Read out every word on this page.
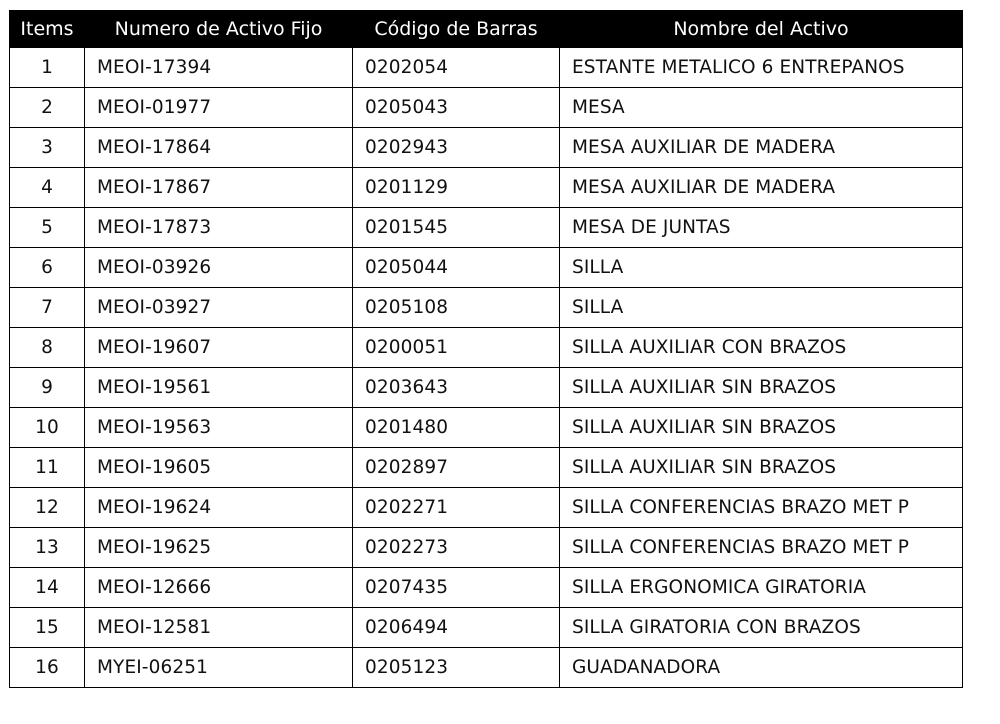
Items	Numero de Activo Fijo	Código de Barras	Nombre del Activo
1	MEOI-17394	0202054	ESTANTE METALICO 6 ENTREPANOS
2	MEOI-01977	0205043	MESA
3	MEOI-17864	0202943	MESA AUXILIAR DE MADERA
4	MEOI-17867	0201129	MESA AUXILIAR DE MADERA
5	MEOI-17873	0201545	MESA DE JUNTAS
6	MEOI-03926	0205044	SILLA
7	MEOI-03927	0205108	SILLA
8	MEOI-19607	0200051	SILLA AUXILIAR CON BRAZOS
9	MEOI-19561	0203643	SILLA AUXILIAR SIN BRAZOS
10	MEOI-19563	0201480	SILLA AUXILIAR SIN BRAZOS
11	MEOI-19605	0202897	SILLA AUXILIAR SIN BRAZOS
12	MEOI-19624	0202271	SILLA CONFERENCIAS BRAZO MET P
13	MEOI-19625	0202273	SILLA CONFERENCIAS BRAZO MET P
14	MEOI-12666	0207435	SILLA ERGONOMICA GIRATORIA
15	MEOI-12581	0206494	SILLA GIRATORIA CON BRAZOS
16	MYEI-06251	0205123	GUADANADORA
